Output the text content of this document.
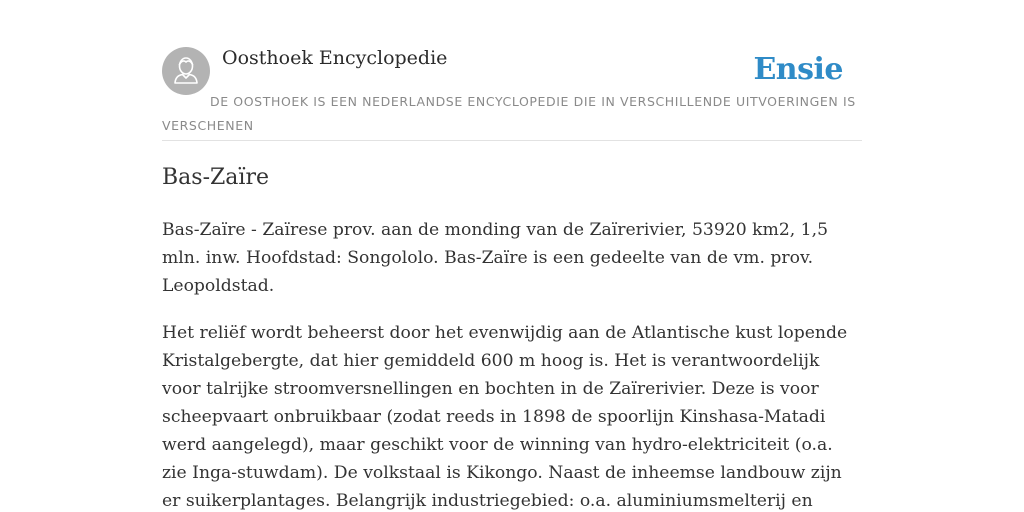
Oosthoek Encyclopedie	Ensie

DE OOSTHOEK IS EEN NEDERLANDSE ENCYCLOPEDIE DIE IN VERSCHILLENDE UITVOERINGEN IS VERSCHENEN

Bas-Zaïre

Bas-Zaïre - Zaïrese prov. aan de monding van de Zaïrerivier, 53920 km2, 1,5 mln. inw. Hoofdstad: Songololo. Bas-Zaïre is een gedeelte van de vm. prov. Leopoldstad.

Het reliëf wordt beheerst door het evenwijdig aan de Atlantische kust lopende Kristalgebergte, dat hier gemiddeld 600 m hoog is. Het is verantwoordelijk voor talrijke stroomversnellingen en bochten in de Zaïrerivier. Deze is voor scheepvaart onbruikbaar (zodat reeds in 1898 de spoorlijn Kinshasa-Matadi werd aangelegd), maar geschikt voor de winning van hydro-elektriciteit (o.a. zie Inga-stuwdam). De volkstaal is Kikongo. Naast de inheemse landbouw zijn er suikerplantages. Belangrijk industriegebied: o.a. aluminiumsmelterij en
